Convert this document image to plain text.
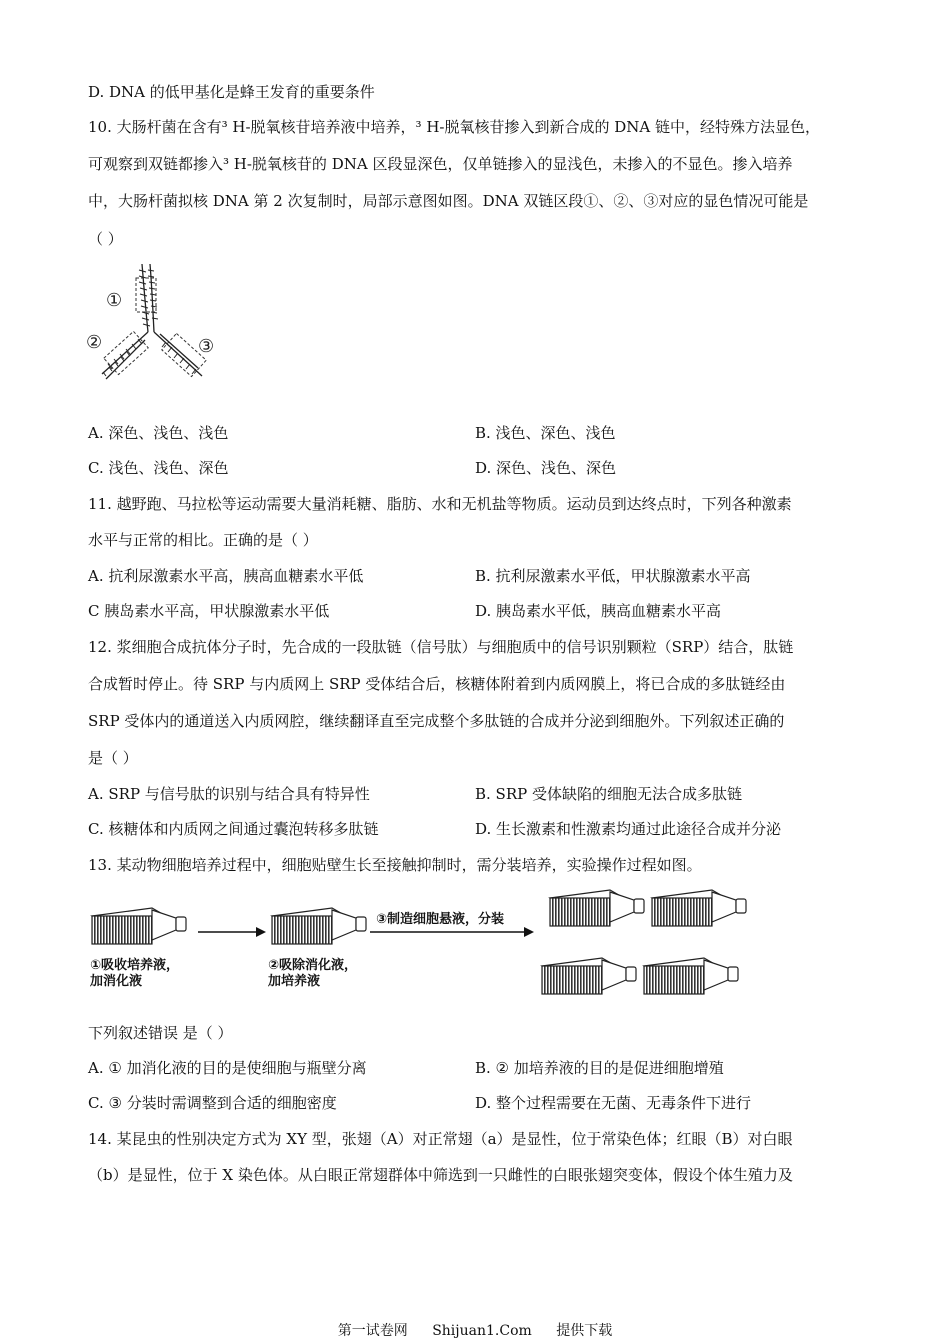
D. DNA 的低甲基化是蜂王发育的重要条件
10. 大肠杆菌在含有³ H-脱氧核苷培养液中培养，³ H-脱氧核苷掺入到新合成的 DNA 链中，经特殊方法显色，
可观察到双链都掺入³ H-脱氧核苷的 DNA 区段显深色，仅单链掺入的显浅色，未掺入的不显色。掺入培养
中，大肠杆菌拟核 DNA 第 2 次复制时，局部示意图如图。DNA 双链区段①、②、③对应的显色情况可能是
（ ）
①
②	③
A. 深色、浅色、浅色	B. 浅色、深色、浅色
C. 浅色、浅色、深色	D. 深色、浅色、深色
11. 越野跑、马拉松等运动需要大量消耗糖、脂肪、水和无机盐等物质。运动员到达终点时，下列各种激素
水平与正常的相比。正确的是（ ）
A. 抗利尿激素水平高，胰高血糖素水平低	B. 抗利尿激素水平低，甲状腺激素水平高
C 胰岛素水平高，甲状腺激素水平低	D. 胰岛素水平低，胰高血糖素水平高
12. 浆细胞合成抗体分子时，先合成的一段肽链（信号肽）与细胞质中的信号识别颗粒（SRP）结合，肽链
合成暂时停止。待 SRP 与内质网上 SRP 受体结合后，核糖体附着到内质网膜上，将已合成的多肽链经由
SRP 受体内的通道送入内质网腔，继续翻译直至完成整个多肽链的合成并分泌到细胞外。下列叙述正确的
是（ ）
A. SRP 与信号肽的识别与结合具有特异性	B. SRP 受体缺陷的细胞无法合成多肽链
C. 核糖体和内质网之间通过囊泡转移多肽链	D. 生长激素和性激素均通过此途径合成并分泌
13. 某动物细胞培养过程中，细胞贴壁生长至接触抑制时，需分装培养，实验操作过程如图。
①吸收培养液，
加消化液
②吸除消化液，
加培养液
③制造细胞悬液，分装
下列叙述错误 是（ ）
A. ① 加消化液的目的是使细胞与瓶壁分离	B. ② 加培养液的目的是促进细胞增殖
C. ③ 分装时需调整到合适的细胞密度	D. 整个过程需要在无菌、无毒条件下进行
14. 某昆虫的性别决定方式为 XY 型，张翅（A）对正常翅（a）是显性，位于常染色体；红眼（B）对白眼
（b）是显性，位于 X 染色体。从白眼正常翅群体中筛选到一只雌性的白眼张翅突变体，假设个体生殖力及
第一试卷网 Shijuan1.Com 提供下载
